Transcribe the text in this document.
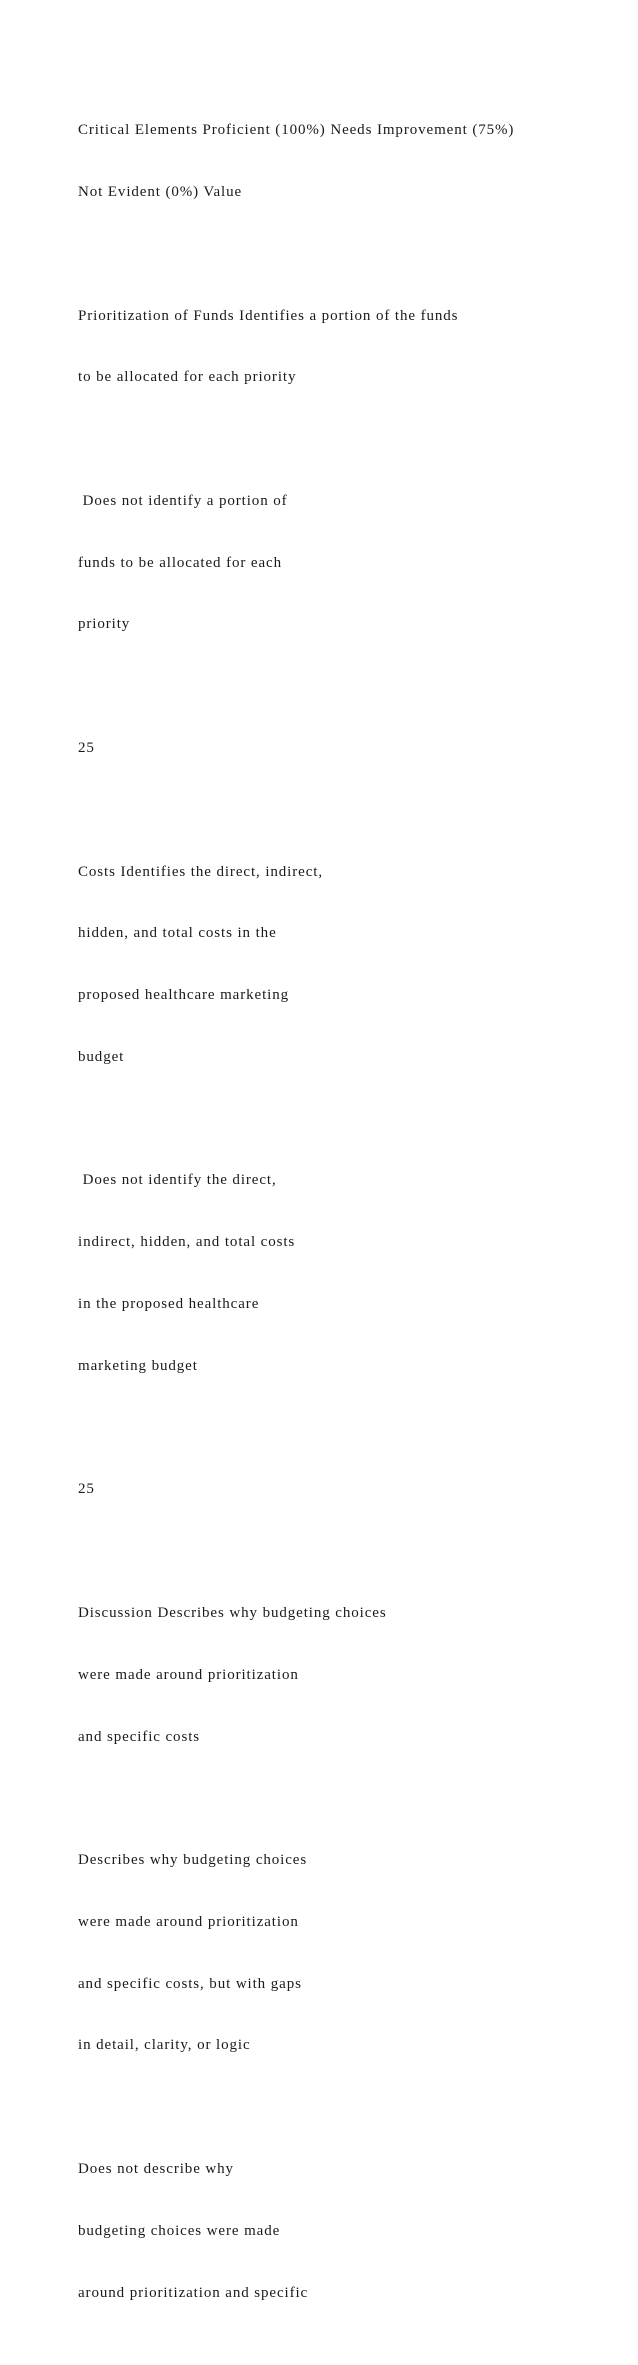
Critical Elements Proficient (100%) Needs Improvement (75%)

Not Evident (0%) Value

Prioritization of Funds Identifies a portion of the funds

to be allocated for each priority

Does not identify a portion of

funds to be allocated for each

priority

25

Costs Identifies the direct, indirect,

hidden, and total costs in the

proposed healthcare marketing

budget

Does not identify the direct,

indirect, hidden, and total costs

in the proposed healthcare

marketing budget

25

Discussion Describes why budgeting choices

were made around prioritization

and specific costs

Describes why budgeting choices

were made around prioritization

and specific costs, but with gaps

in detail, clarity, or logic

Does not describe why

budgeting choices were made

around prioritization and specific
